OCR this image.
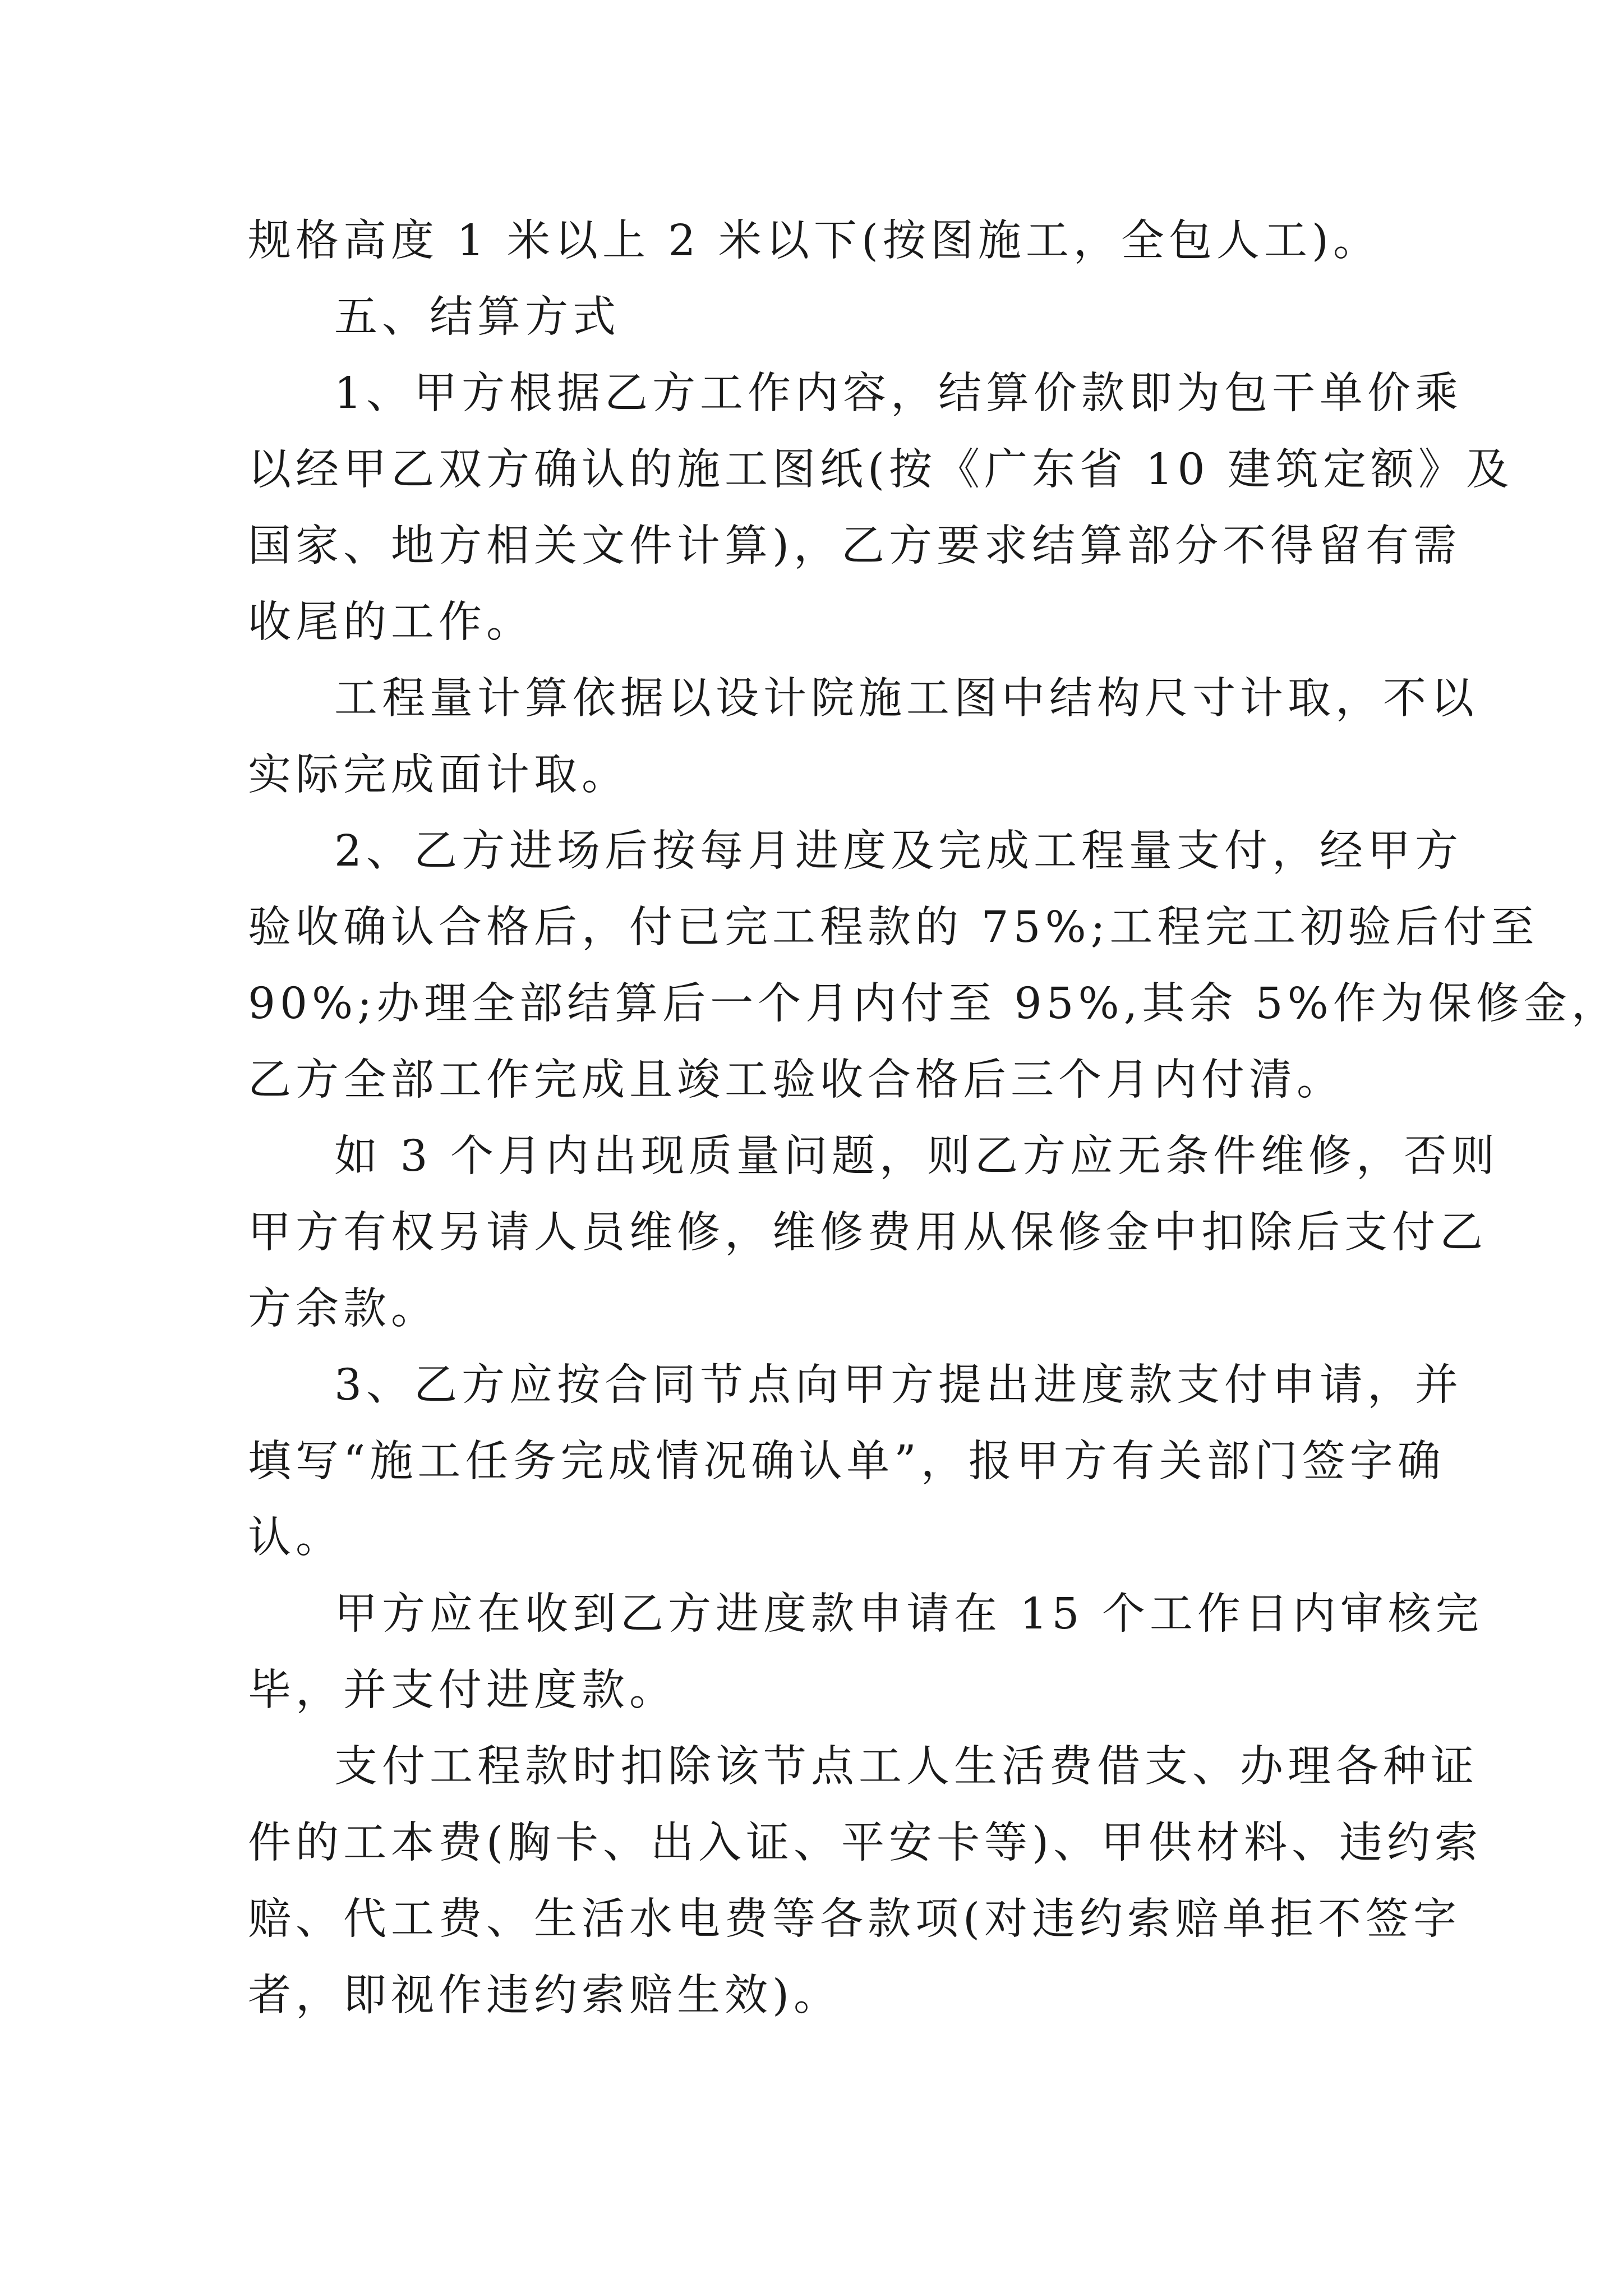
规格高度 1 米以上 2 米以下(按图施工，全包人工)。
五、结算方式
1、甲方根据乙方工作内容，结算价款即为包干单价乘
以经甲乙双方确认的施工图纸(按《广东省 10 建筑定额》及
国家、地方相关文件计算)，乙方要求结算部分不得留有需
收尾的工作。
工程量计算依据以设计院施工图中结构尺寸计取，不以
实际完成面计取。
2、乙方进场后按每月进度及完成工程量支付，经甲方
验收确认合格后，付已完工程款的 75%;工程完工初验后付至
90%;办理全部结算后一个月内付至 95%,其余 5%作为保修金，
乙方全部工作完成且竣工验收合格后三个月内付清。
如 3 个月内出现质量问题，则乙方应无条件维修，否则
甲方有权另请人员维修，维修费用从保修金中扣除后支付乙
方余款。
3、乙方应按合同节点向甲方提出进度款支付申请，并
填写“施工任务完成情况确认单”，报甲方有关部门签字确
认。
甲方应在收到乙方进度款申请在 15 个工作日内审核完
毕，并支付进度款。
支付工程款时扣除该节点工人生活费借支、办理各种证
件的工本费(胸卡、出入证、平安卡等)、甲供材料、违约索
赔、代工费、生活水电费等各款项(对违约索赔单拒不签字
者，即视作违约索赔生效)。
